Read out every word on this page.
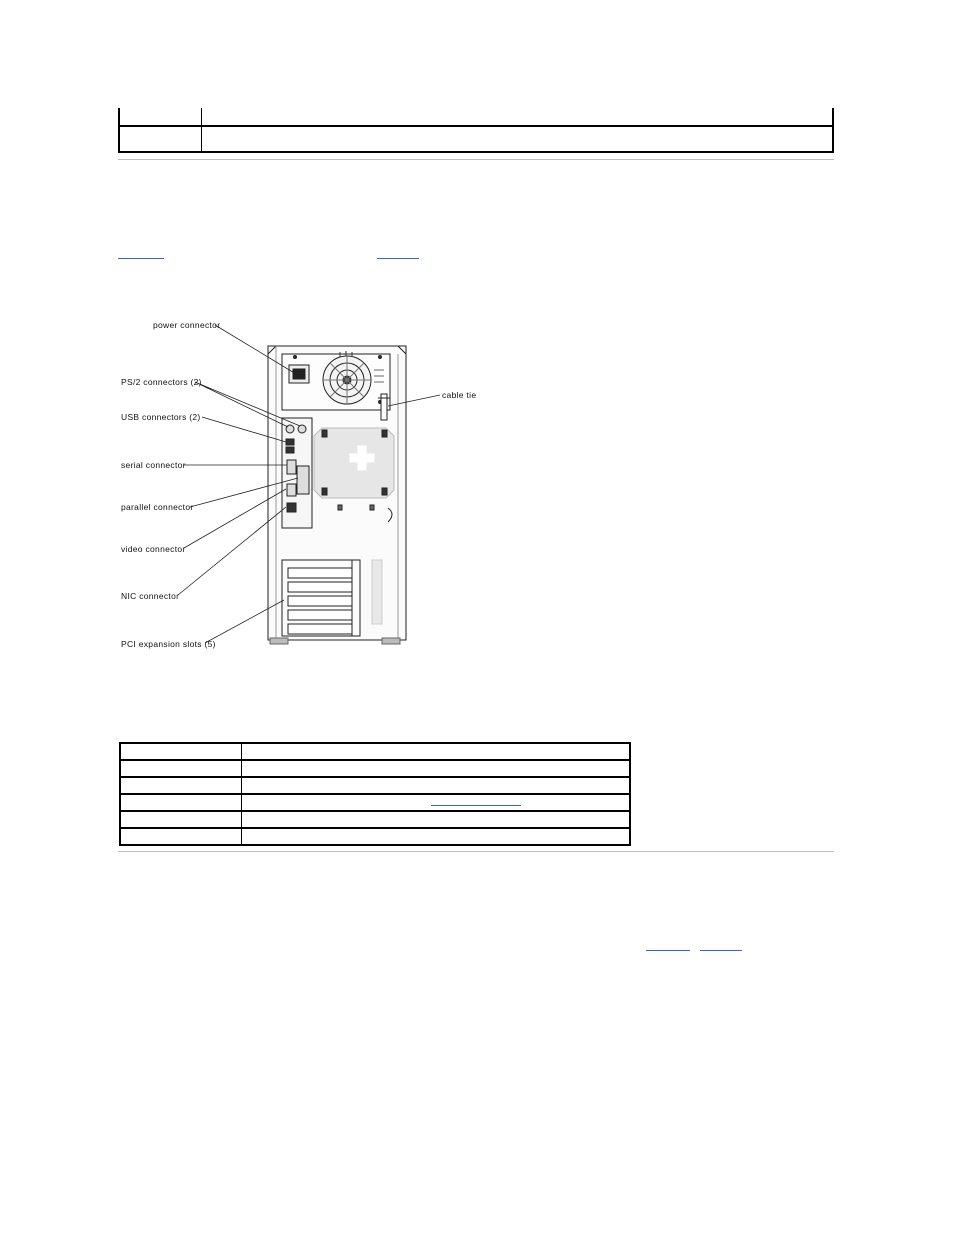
power connector
PS/2 connectors (2)
USB connectors (2)
serial connector
parallel connector
video connector
NIC connector
PCI expansion slots (5)
cable tie
